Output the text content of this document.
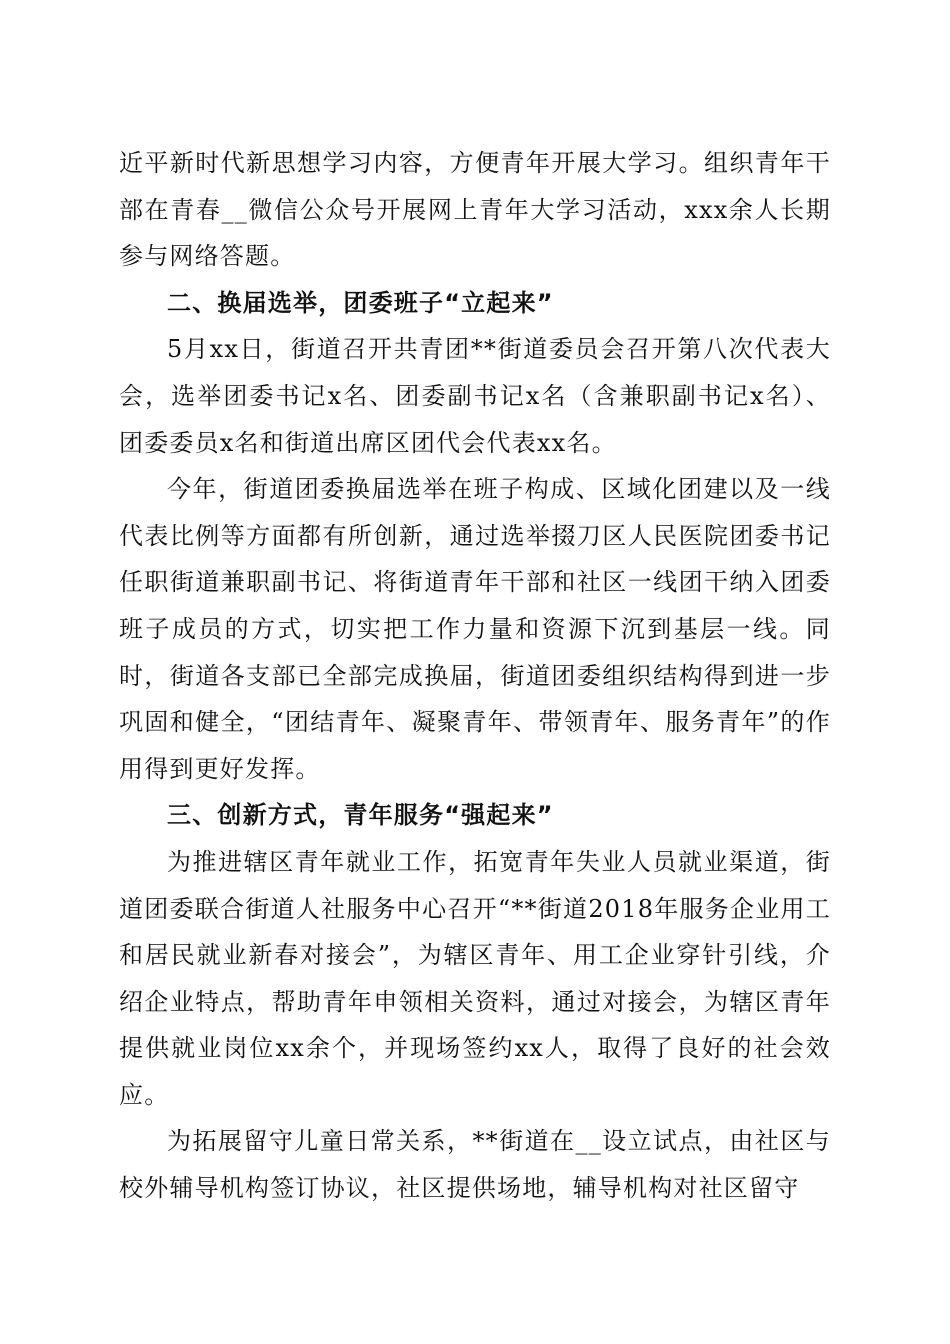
近平新时代新思想学习内容，方便青年开展大学习。组织青年干部在青春__微信公众号开展网上青年大学习活动，xxx余人长期参与网络答题。

二、换届选举，团委班子“立起来”

5月xx日，街道召开共青团**街道委员会召开第八次代表大会，选举团委书记x名、团委副书记x名（含兼职副书记x名）、团委委员x名和街道出席区团代会代表xx名。

今年，街道团委换届选举在班子构成、区域化团建以及一线代表比例等方面都有所创新，通过选举掇刀区人民医院团委书记任职街道兼职副书记、将街道青年干部和社区一线团干纳入团委班子成员的方式，切实把工作力量和资源下沉到基层一线。同时，街道各支部已全部完成换届，街道团委组织结构得到进一步巩固和健全，“团结青年、凝聚青年、带领青年、服务青年”的作用得到更好发挥。

三、创新方式，青年服务“强起来”

为推进辖区青年就业工作，拓宽青年失业人员就业渠道，街道团委联合街道人社服务中心召开“**街道2018年服务企业用工和居民就业新春对接会”，为辖区青年、用工企业穿针引线，介绍企业特点，帮助青年申领相关资料，通过对接会，为辖区青年提供就业岗位xx余个，并现场签约xx人，取得了良好的社会效应。

为拓展留守儿童日常关系，**街道在__设立试点，由社区与校外辅导机构签订协议，社区提供场地，辅导机构对社区留守
